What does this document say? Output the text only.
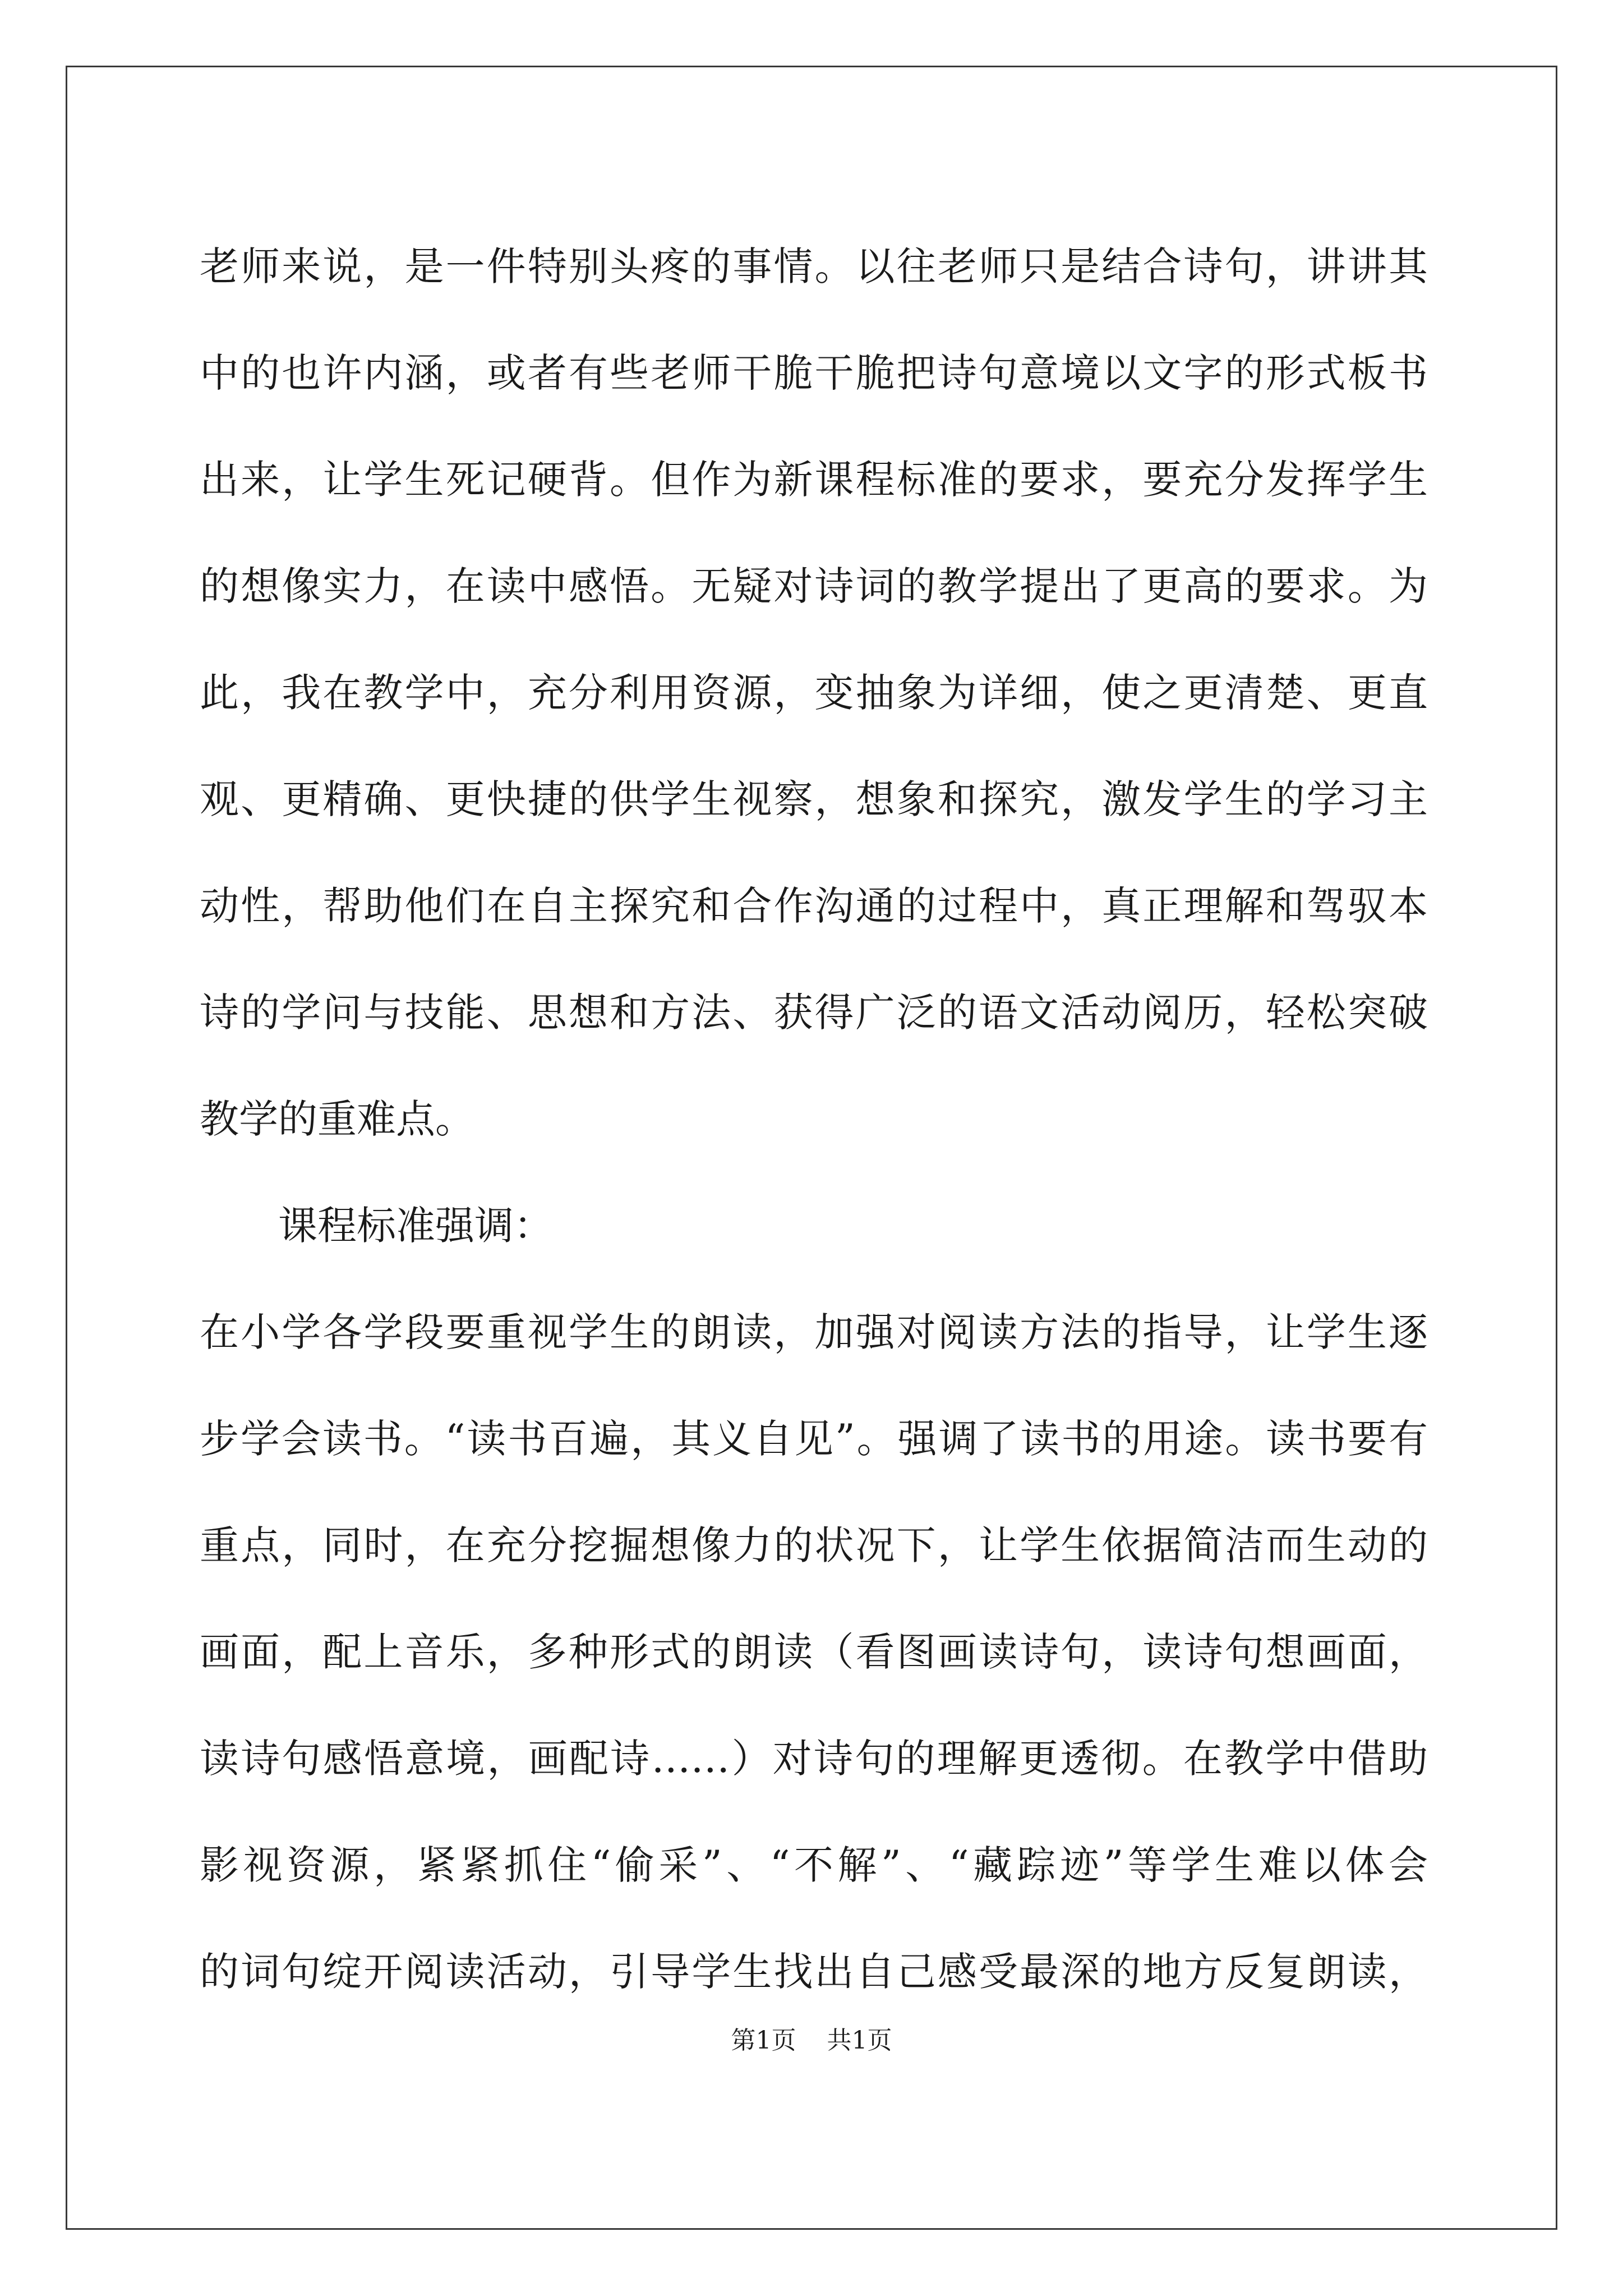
老师来说，是一件特别头疼的事情。以往老师只是结合诗句，讲讲其
中的也许内涵，或者有些老师干脆干脆把诗句意境以文字的形式板书
出来，让学生死记硬背。但作为新课程标准的要求，要充分发挥学生
的想像实力，在读中感悟。无疑对诗词的教学提出了更高的要求。为
此，我在教学中，充分利用资源，变抽象为详细，使之更清楚、更直
观、更精确、更快捷的供学生视察，想象和探究，激发学生的学习主
动性，帮助他们在自主探究和合作沟通的过程中，真正理解和驾驭本
诗的学问与技能、思想和方法、获得广泛的语文活动阅历，轻松突破
教学的重难点。
课程标准强调：
在小学各学段要重视学生的朗读，加强对阅读方法的指导，让学生逐
步学会读书。“读书百遍，其义自见”。强调了读书的用途。读书要有
重点，同时，在充分挖掘想像力的状况下，让学生依据简洁而生动的
画面，配上音乐，多种形式的朗读（看图画读诗句，读诗句想画面，
读诗句感悟意境，画配诗……）对诗句的理解更透彻。在教学中借助
影视资源，紧紧抓住“偷采”、“不解”、“藏踪迹”等学生难以体会
的词句绽开阅读活动，引导学生找出自己感受最深的地方反复朗读，
第1页 共1页
